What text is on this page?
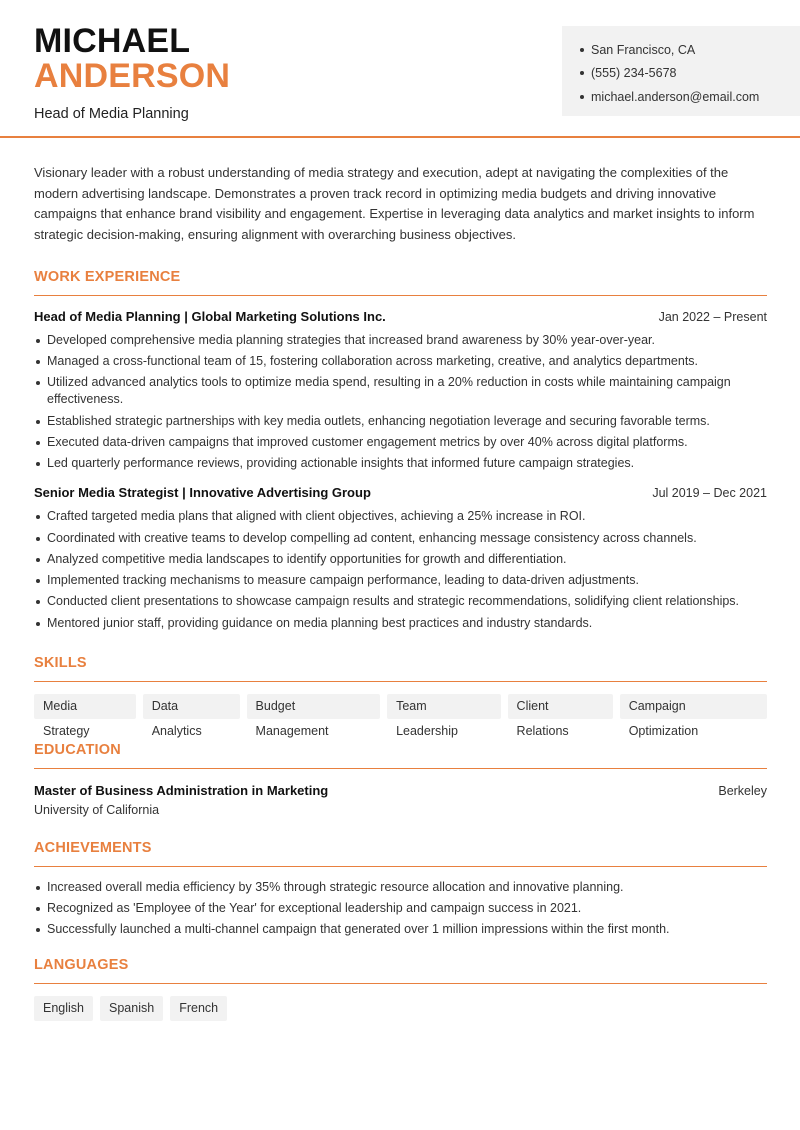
MICHAEL
ANDERSON
Head of Media Planning
San Francisco, CA
(555) 234-5678
michael.anderson@email.com

Visionary leader with a robust understanding of media strategy and execution, adept at navigating the complexities of the modern advertising landscape. Demonstrates a proven track record in optimizing media budgets and driving innovative campaigns that enhance brand visibility and engagement. Expertise in leveraging data analytics and market insights to inform strategic decision-making, ensuring alignment with overarching business objectives.

WORK EXPERIENCE
Head of Media Planning | Global Marketing Solutions Inc.	Jan 2022 – Present
Developed comprehensive media planning strategies that increased brand awareness by 30% year-over-year.
Managed a cross-functional team of 15, fostering collaboration across marketing, creative, and analytics departments.
Utilized advanced analytics tools to optimize media spend, resulting in a 20% reduction in costs while maintaining campaign effectiveness.
Established strategic partnerships with key media outlets, enhancing negotiation leverage and securing favorable terms.
Executed data-driven campaigns that improved customer engagement metrics by over 40% across digital platforms.
Led quarterly performance reviews, providing actionable insights that informed future campaign strategies.
Senior Media Strategist | Innovative Advertising Group	Jul 2019 – Dec 2021
Crafted targeted media plans that aligned with client objectives, achieving a 25% increase in ROI.
Coordinated with creative teams to develop compelling ad content, enhancing message consistency across channels.
Analyzed competitive media landscapes to identify opportunities for growth and differentiation.
Implemented tracking mechanisms to measure campaign performance, leading to data-driven adjustments.
Conducted client presentations to showcase campaign results and strategic recommendations, solidifying client relationships.
Mentored junior staff, providing guidance on media planning best practices and industry standards.
SKILLS
Media Strategy
Data Analytics
Budget Management
Team Leadership
Client Relations
Campaign Optimization
EDUCATION
Master of Business Administration in Marketing	Berkeley
University of California
ACHIEVEMENTS
Increased overall media efficiency by 35% through strategic resource allocation and innovative planning.
Recognized as 'Employee of the Year' for exceptional leadership and campaign success in 2021.
Successfully launched a multi-channel campaign that generated over 1 million impressions within the first month.
LANGUAGES
English	Spanish	French
